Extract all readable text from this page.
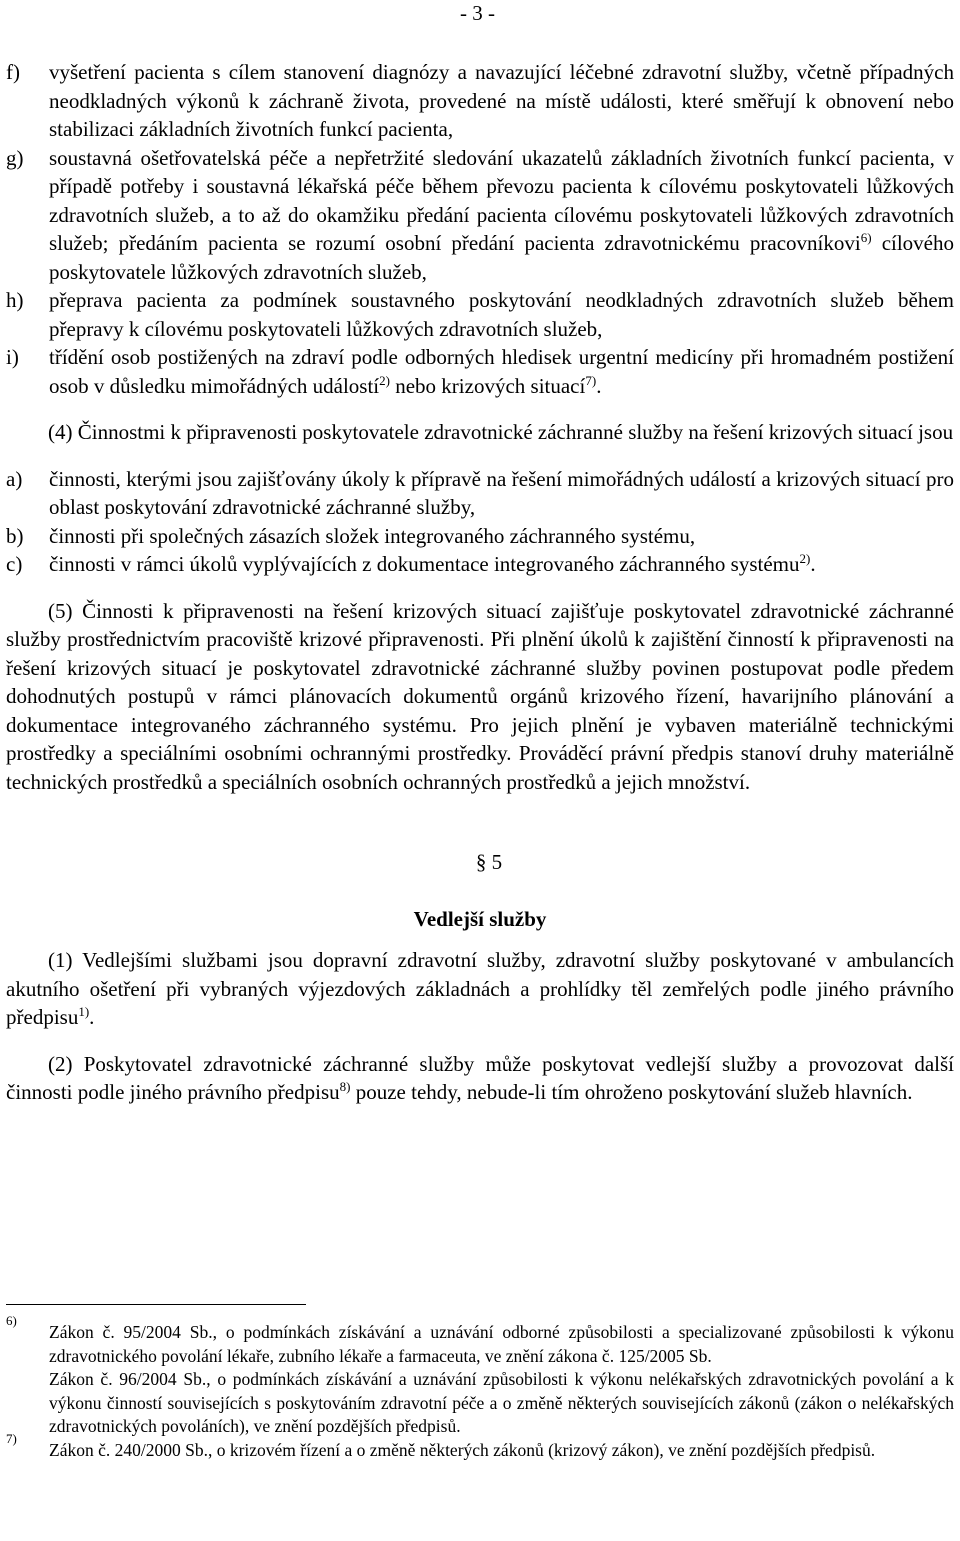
- 3 -
f) vyšetření pacienta s cílem stanovení diagnózy a navazující léčebné zdravotní služby, včetně případných neodkladných výkonů k záchraně života, provedené na místě události, které směřují k obnovení nebo stabilizaci základních životních funkcí pacienta,
g) soustavná ošetřovatelská péče a nepřetržité sledování ukazatelů základních životních funkcí pacienta, v případě potřeby i soustavná lékařská péče během převozu pacienta k cílovému poskytovateli lůžkových zdravotních služeb, a to až do okamžiku předání pacienta cílovému poskytovateli lůžkových zdravotních služeb; předáním pacienta se rozumí osobní předání pacienta zdravotnickému pracovníkovi$^{6)}$ cílového poskytovatele lůžkových zdravotních služeb,
h) přeprava pacienta za podmínek soustavného poskytování neodkladných zdravotních služeb během přepravy k cílovému poskytovateli lůžkových zdravotních služeb,
i) třídění osob postižených na zdraví podle odborných hledisek urgentní medicíny při hromadném postižení osob v důsledku mimořádných událostí$^{2)}$ nebo krizových situací$^{7)}$.
(4) Činnostmi k připravenosti poskytovatele zdravotnické záchranné služby na řešení krizových situací jsou
a) činnosti, kterými jsou zajišťovány úkoly k přípravě na řešení mimořádných událostí a krizových situací pro oblast poskytování zdravotnické záchranné služby,
b) činnosti při společných zásazích složek integrovaného záchranného systému,
c) činnosti v rámci úkolů vyplývajících z dokumentace integrovaného záchranného systému$^{2)}$.
(5) Činnosti k připravenosti na řešení krizových situací zajišťuje poskytovatel zdravotnické záchranné služby prostřednictvím pracoviště krizové připravenosti. Při plnění úkolů k zajištění činností k připravenosti na řešení krizových situací je poskytovatel zdravotnické záchranné služby povinen postupovat podle předem dohodnutých postupů v rámci plánovacích dokumentů orgánů krizového řízení, havarijního plánování a dokumentace integrovaného záchranného systému. Pro jejich plnění je vybaven materiálně technickými prostředky a speciálními osobními ochrannými prostředky. Prováděcí právní předpis stanoví druhy materiálně technických prostředků a speciálních osobních ochranných prostředků a jejich množství.
§ 5
Vedlejší služby
(1) Vedlejšími službami jsou dopravní zdravotní služby, zdravotní služby poskytované v ambulancích akutního ošetření při vybraných výjezdových základnách a prohlídky těl zemřelých podle jiného právního předpisu$^{1)}$.
(2) Poskytovatel zdravotnické záchranné služby může poskytovat vedlejší služby a provozovat další činnosti podle jiného právního předpisu$^{8)}$ pouze tehdy, nebude-li tím ohroženo poskytování služeb hlavních.
6)
Zákon č. 95/2004 Sb., o podmínkách získávání a uznávání odborné způsobilosti a specializované způsobilosti k výkonu zdravotnického povolání lékaře, zubního lékaře a farmaceuta, ve znění zákona č. 125/2005 Sb.
Zákon č. 96/2004 Sb., o podmínkách získávání a uznávání způsobilosti k výkonu nelékařských zdravotnických povolání a k výkonu činností souvisejících s poskytováním zdravotní péče a o změně některých souvisejících zákonů (zákon o nelékařských zdravotnických povoláních), ve znění pozdějších předpisů.
7)
Zákon č. 240/2000 Sb., o krizovém řízení a o změně některých zákonů (krizový zákon), ve znění pozdějších předpisů.
